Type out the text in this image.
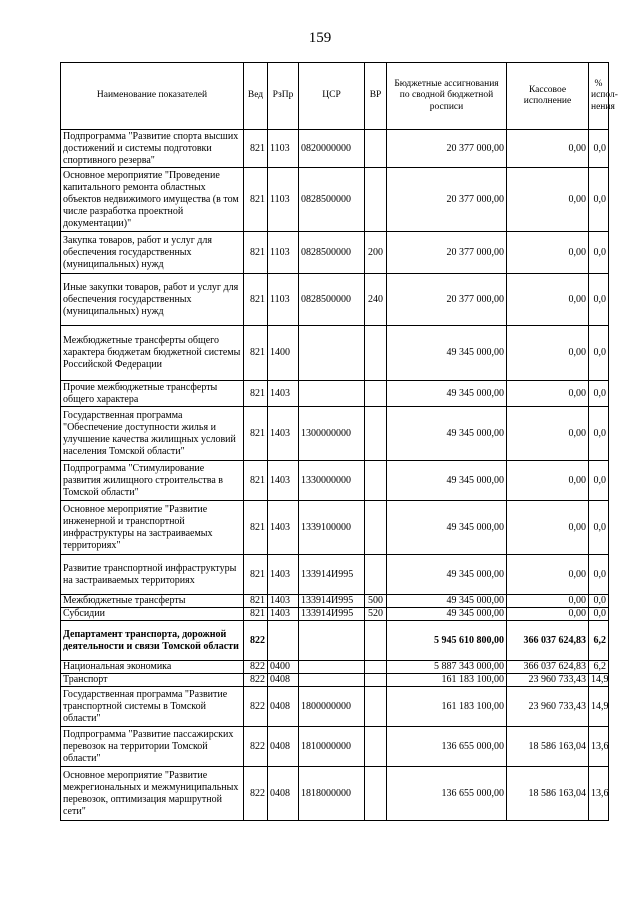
159
Наименование показателей	Вед	РзПр	ЦСР	ВР	Бюджетные ассигнования по сводной бюджетной росписи	Кассовое исполнение	% испол- нения
Подпрограмма "Развитие спорта высших достижений и системы подготовки спортивного резерва"	821	1103	0820000000		20 377 000,00	0,00	0,0
Основное мероприятие "Проведение капитального ремонта областных объектов недвижимого имущества (в том числе разработка проектной документации)"	821	1103	0828500000		20 377 000,00	0,00	0,0
Закупка товаров, работ и услуг для обеспечения государственных (муниципальных) нужд	821	1103	0828500000	200	20 377 000,00	0,00	0,0
Иные закупки товаров, работ и услуг для обеспечения государственных (муниципальных) нужд	821	1103	0828500000	240	20 377 000,00	0,00	0,0
Межбюджетные трансферты общего характера бюджетам бюджетной системы Российской Федерации	821	1400			49 345 000,00	0,00	0,0
Прочие межбюджетные трансферты общего характера	821	1403			49 345 000,00	0,00	0,0
Государственная программа "Обеспечение доступности жилья и улучшение качества жилищных условий населения Томской области"	821	1403	1300000000		49 345 000,00	0,00	0,0
Подпрограмма "Стимулирование развития жилищного строительства в Томской области"	821	1403	1330000000		49 345 000,00	0,00	0,0
Основное мероприятие "Развитие инженерной и транспортной инфраструктуры на застраиваемых территориях"	821	1403	1339100000		49 345 000,00	0,00	0,0
Развитие транспортной инфраструктуры на застраиваемых территориях	821	1403	133914И995		49 345 000,00	0,00	0,0
Межбюджетные трансферты	821	1403	133914И995	500	49 345 000,00	0,00	0,0
Субсидии	821	1403	133914И995	520	49 345 000,00	0,00	0,0
Департамент транспорта, дорожной деятельности и связи Томской области	822				5 945 610 800,00	366 037 624,83	6,2
Национальная экономика	822	0400			5 887 343 000,00	366 037 624,83	6,2
Транспорт	822	0408			161 183 100,00	23 960 733,43	14,9
Государственная программа "Развитие транспортной системы в Томской области"	822	0408	1800000000		161 183 100,00	23 960 733,43	14,9
Подпрограмма "Развитие пассажирских перевозок на территории Томской области"	822	0408	1810000000		136 655 000,00	18 586 163,04	13,6
Основное мероприятие "Развитие межрегиональных и межмуниципальных перевозок, оптимизация маршрутной сети"	822	0408	1818000000		136 655 000,00	18 586 163,04	13,6
